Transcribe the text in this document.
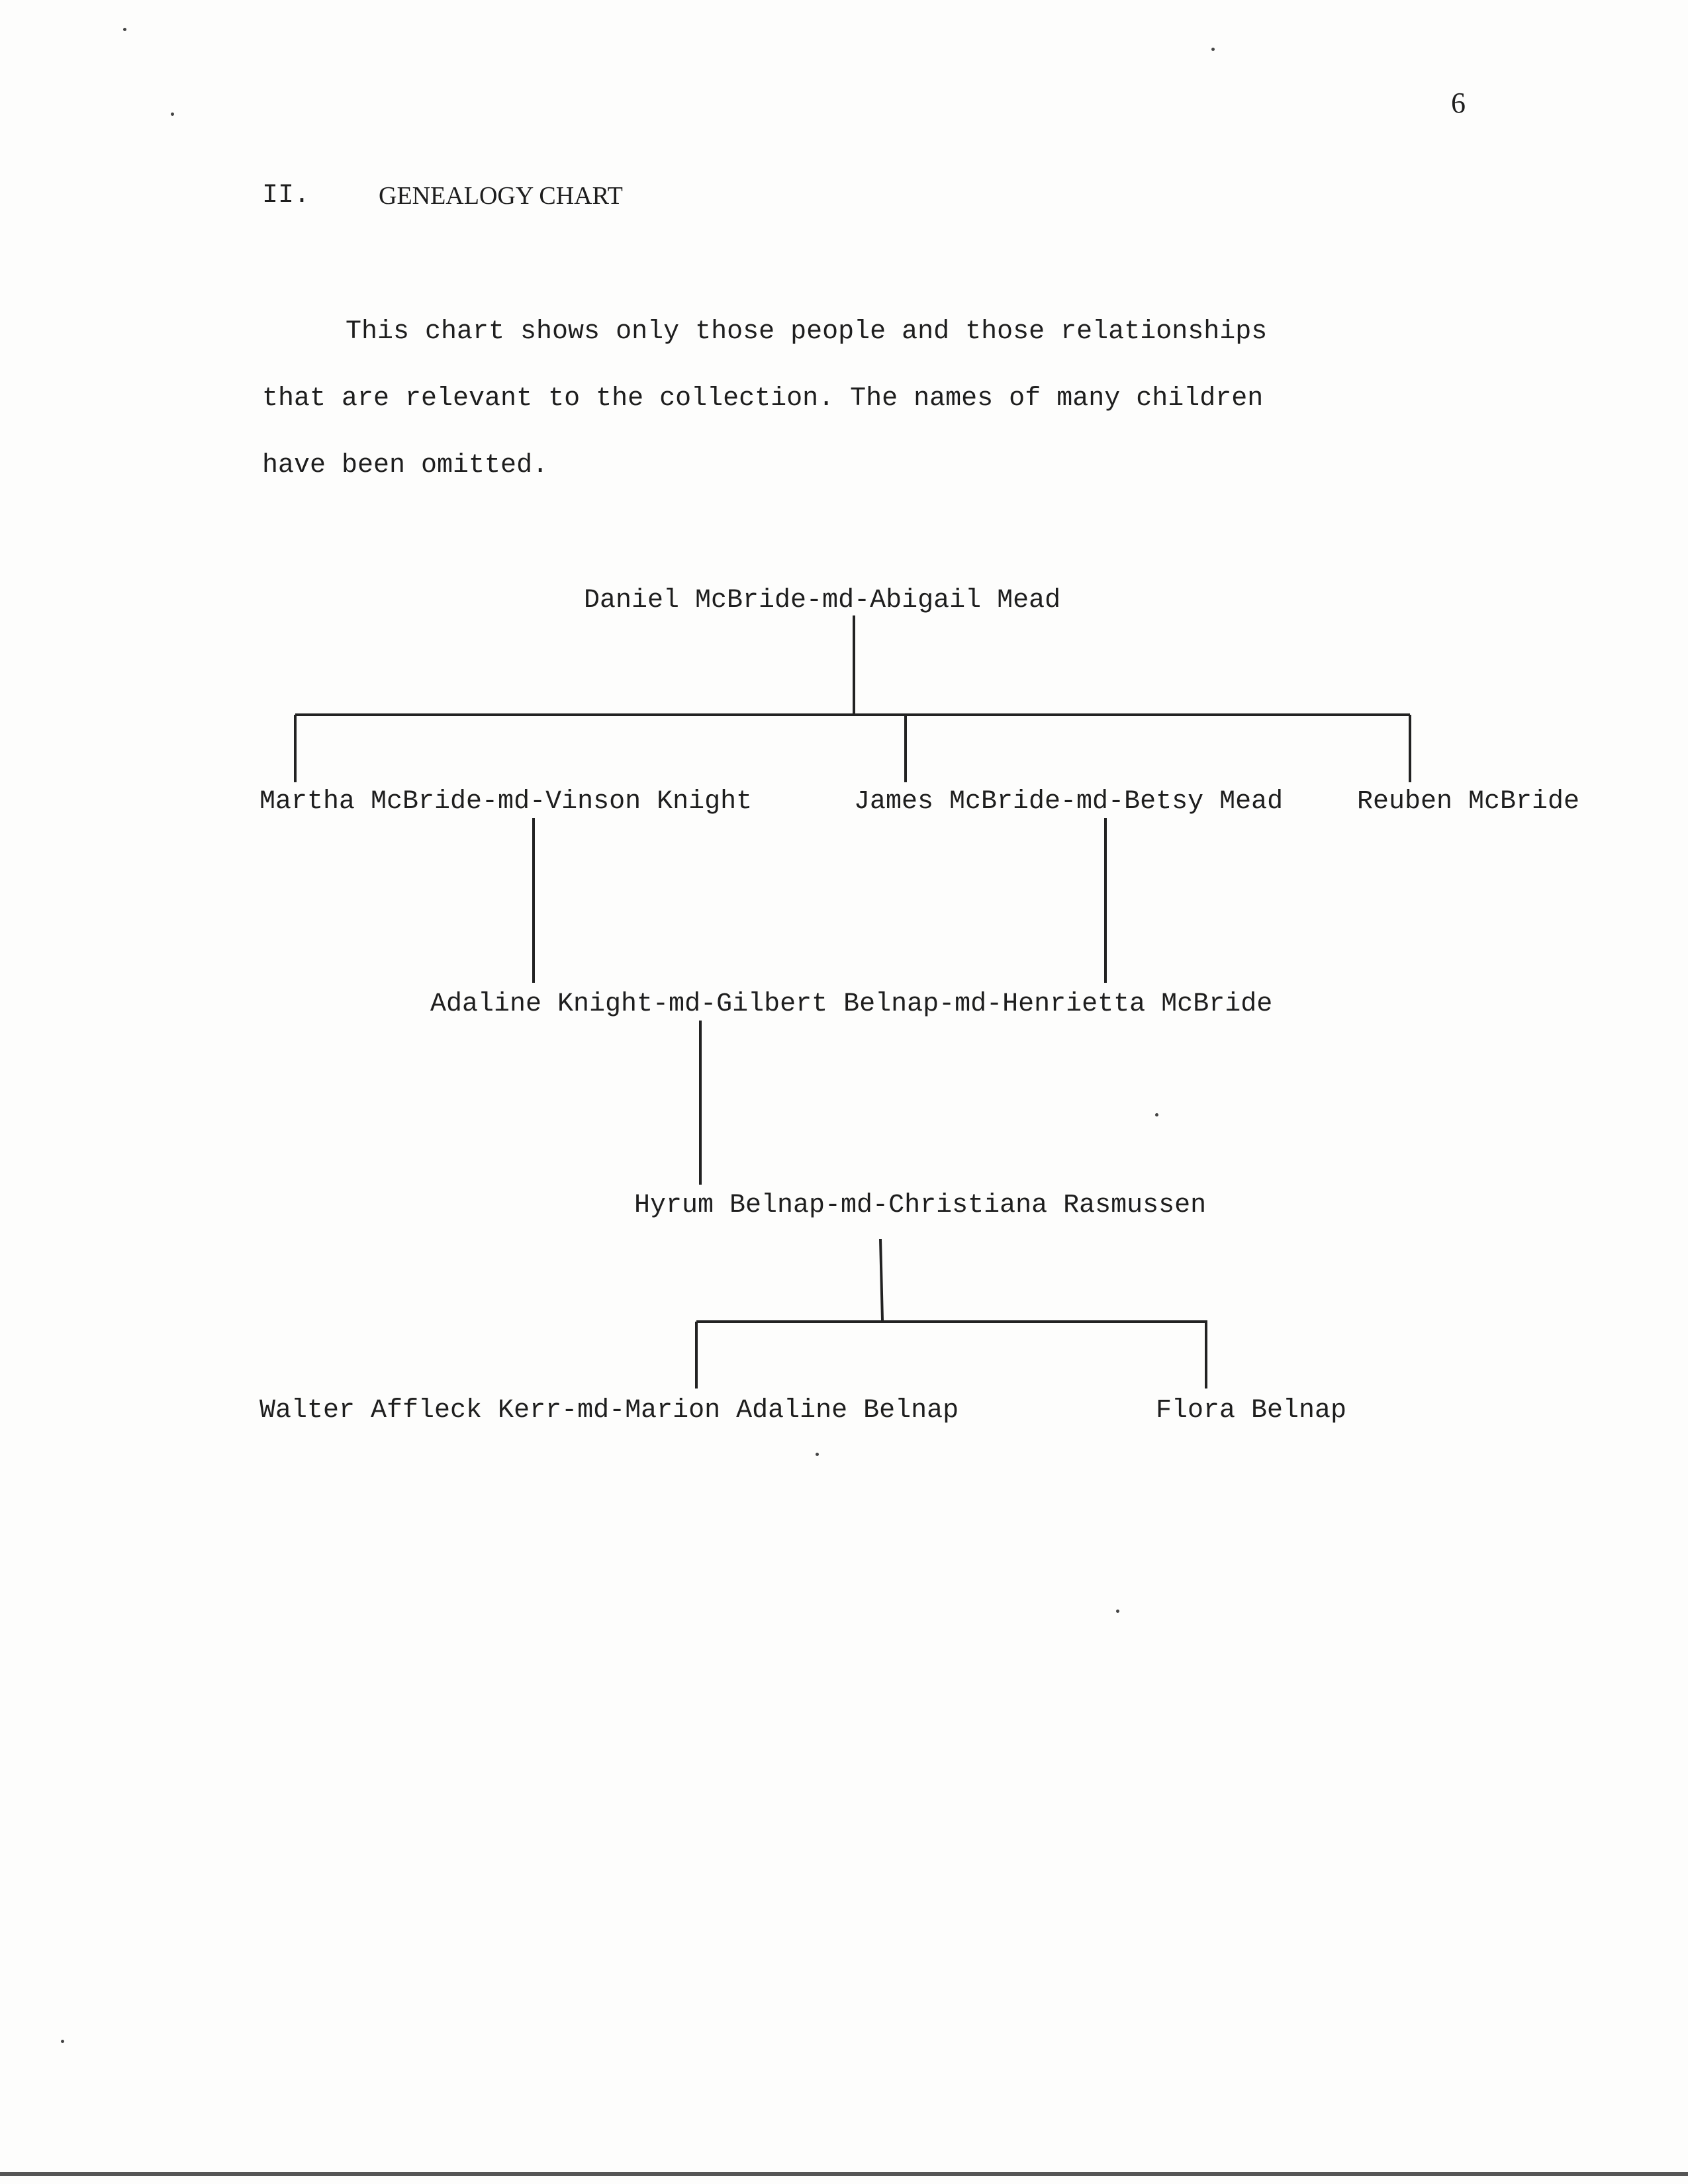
6
II.	GENEALOGY CHART
This chart shows only those people and those relationships
that are relevant to the collection. The names of many children
have been omitted.
Daniel McBride-md-Abigail Mead
Martha McBride-md-Vinson Knight	James McBride-md-Betsy Mead	Reuben McBride
Adaline Knight-md-Gilbert Belnap-md-Henrietta McBride
Hyrum Belnap-md-Christiana Rasmussen
Walter Affleck Kerr-md-Marion Adaline Belnap	Flora Belnap
